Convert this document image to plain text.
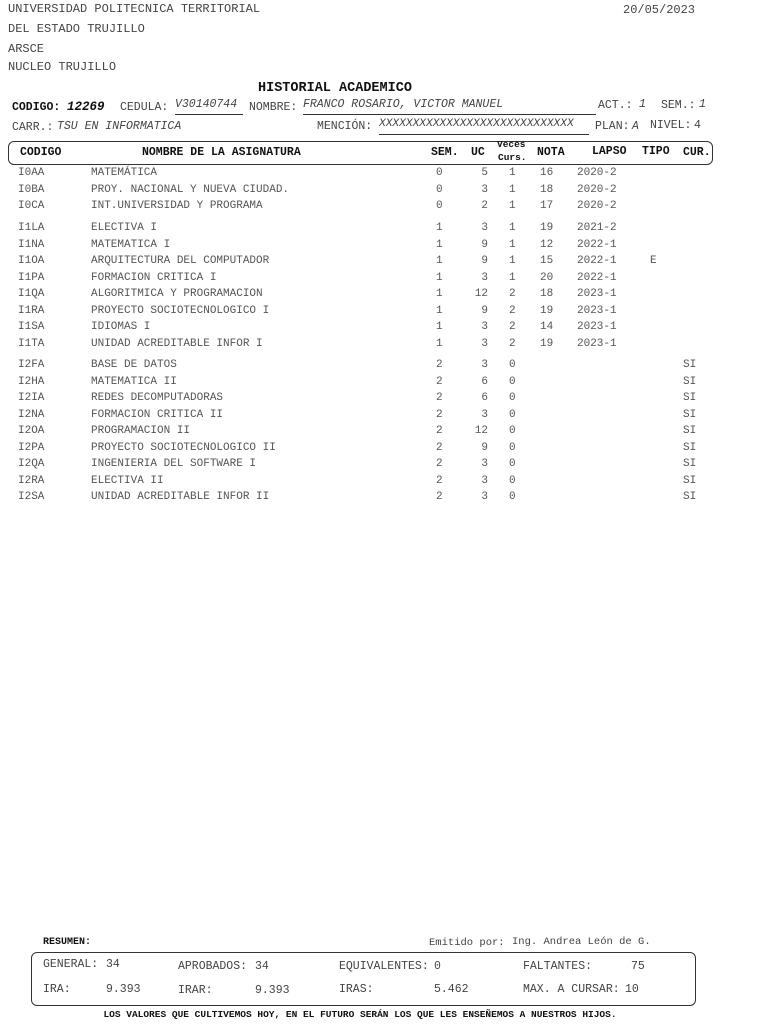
UNIVERSIDAD POLITECNICA TERRITORIAL
DEL ESTADO TRUJILLO
ARSCE
NUCLEO TRUJILLO
20/05/2023
HISTORIAL ACADEMICO
CODIGO: 12269 CEDULA: V30140744	NOMBRE: FRANCO ROSARIO, VICTOR MANUEL	ACT.: 1 SEM.: 1
CARR.: TSU EN INFORMATICA	MENCIÓN: XXXXXXXXXXXXXXXXXXXXXXXXXXXXX	PLAN: A NIVEL: 4
CODIGO	NOMBRE DE LA ASIGNATURA	SEM. UC
Veces
Curs. NOTA LAPSO TIPO CUR.
I0AA	MATEMÁTICA	0	5 1 16 2020-2
I0BA	PROY. NACIONAL Y NUEVA CIUDAD.	0	3 1 18 2020-2
I0CA	INT.UNIVERSIDAD Y PROGRAMA	0	2 1 17 2020-2
I1LA	ELECTIVA I	1	3 1 19 2021-2
I1NA	MATEMATICA I	1	9 1 12 2022-1
I1OA	ARQUITECTURA DEL COMPUTADOR	1	9 1 15 2022-1	E
I1PA	FORMACION CRITICA I	1	3 1 20 2022-1
I1QA	ALGORITMICA Y PROGRAMACION	1	12 2 18 2023-1
I1RA	PROYECTO SOCIOTECNOLOGICO I	1	9 2 19 2023-1
I1SA	IDIOMAS I	1	3 2 14 2023-1
I1TA	UNIDAD ACREDITABLE INFOR I	1	3 2 19 2023-1
I2FA	BASE DE DATOS	2	3 0	SI
I2HA	MATEMATICA II	2	6 0	SI
I2IA	REDES DECOMPUTADORAS	2	6 0	SI
I2NA	FORMACION CRITICA II	2	3 0	SI
I2OA	PROGRAMACION II	2	12 0	SI
I2PA	PROYECTO SOCIOTECNOLOGICO II	2	9 0	SI
I2QA	INGENIERIA DEL SOFTWARE I	2	3 0	SI
I2RA	ELECTIVA II	2	3 0	SI
I2SA	UNIDAD ACREDITABLE INFOR II	2	3 0	SI
RESUMEN:	Emitido por: Ing. Andrea León de G.
GENERAL: 34	APROBADOS: 34	EQUIVALENTES: 0	FALTANTES:	75
IRA:	9.393	IRAR:	9.393	IRAS:	5.462	MAX. A CURSAR: 10
LOS VALORES QUE CULTIVEMOS HOY, EN EL FUTURO SERÁN LOS QUE LES ENSEÑEMOS A NUESTROS HIJOS.
